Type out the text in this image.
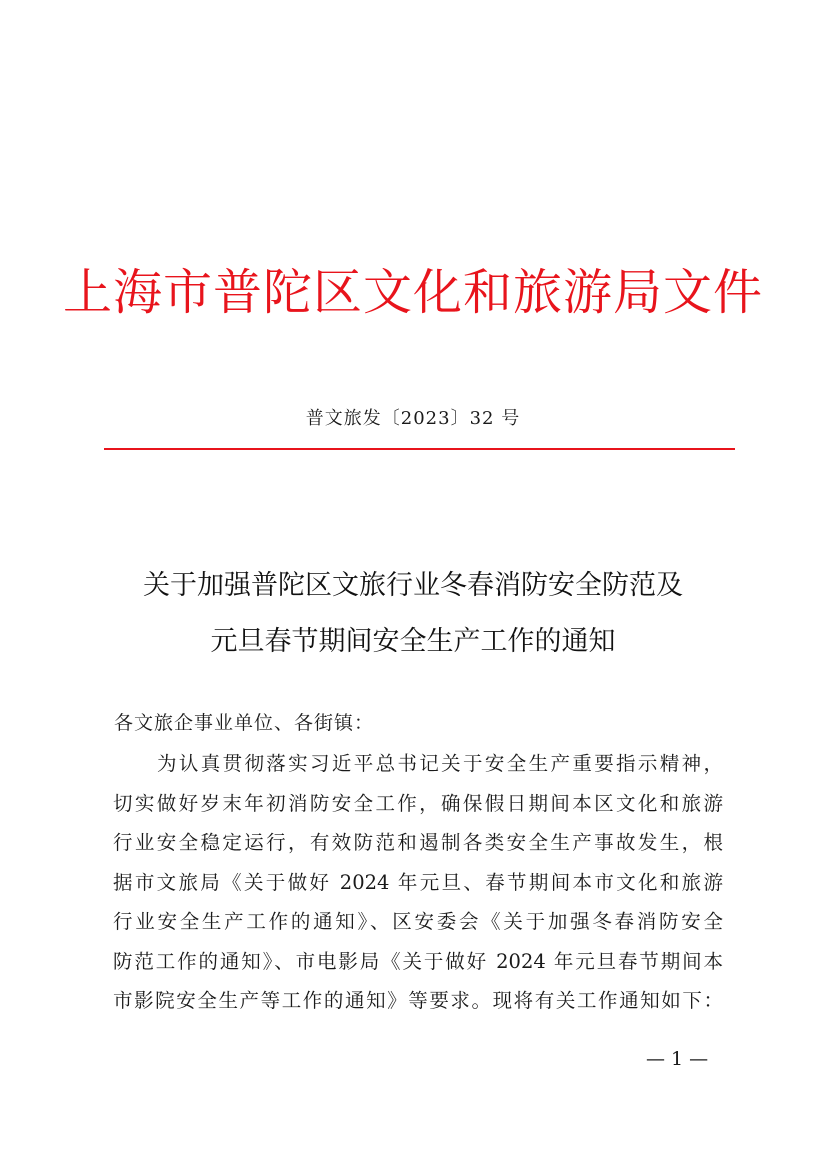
上海市普陀区文化和旅游局文件
普文旅发〔2023〕32 号
关于加强普陀区文旅行业冬春消防安全防范及
元旦春节期间安全生产工作的通知
各文旅企事业单位、各街镇：
为认真贯彻落实习近平总书记关于安全生产重要指示精神，
切实做好岁末年初消防安全工作，确保假日期间本区文化和旅游
行业安全稳定运行，有效防范和遏制各类安全生产事故发生，根
据市文旅局《关于做好 2024 年元旦、春节期间本市文化和旅游
行业安全生产工作的通知》、区安委会《关于加强冬春消防安全
防范工作的通知》、市电影局《关于做好 2024 年元旦春节期间本
市影院安全生产等工作的通知》等要求。现将有关工作通知如下：
— 1 —
